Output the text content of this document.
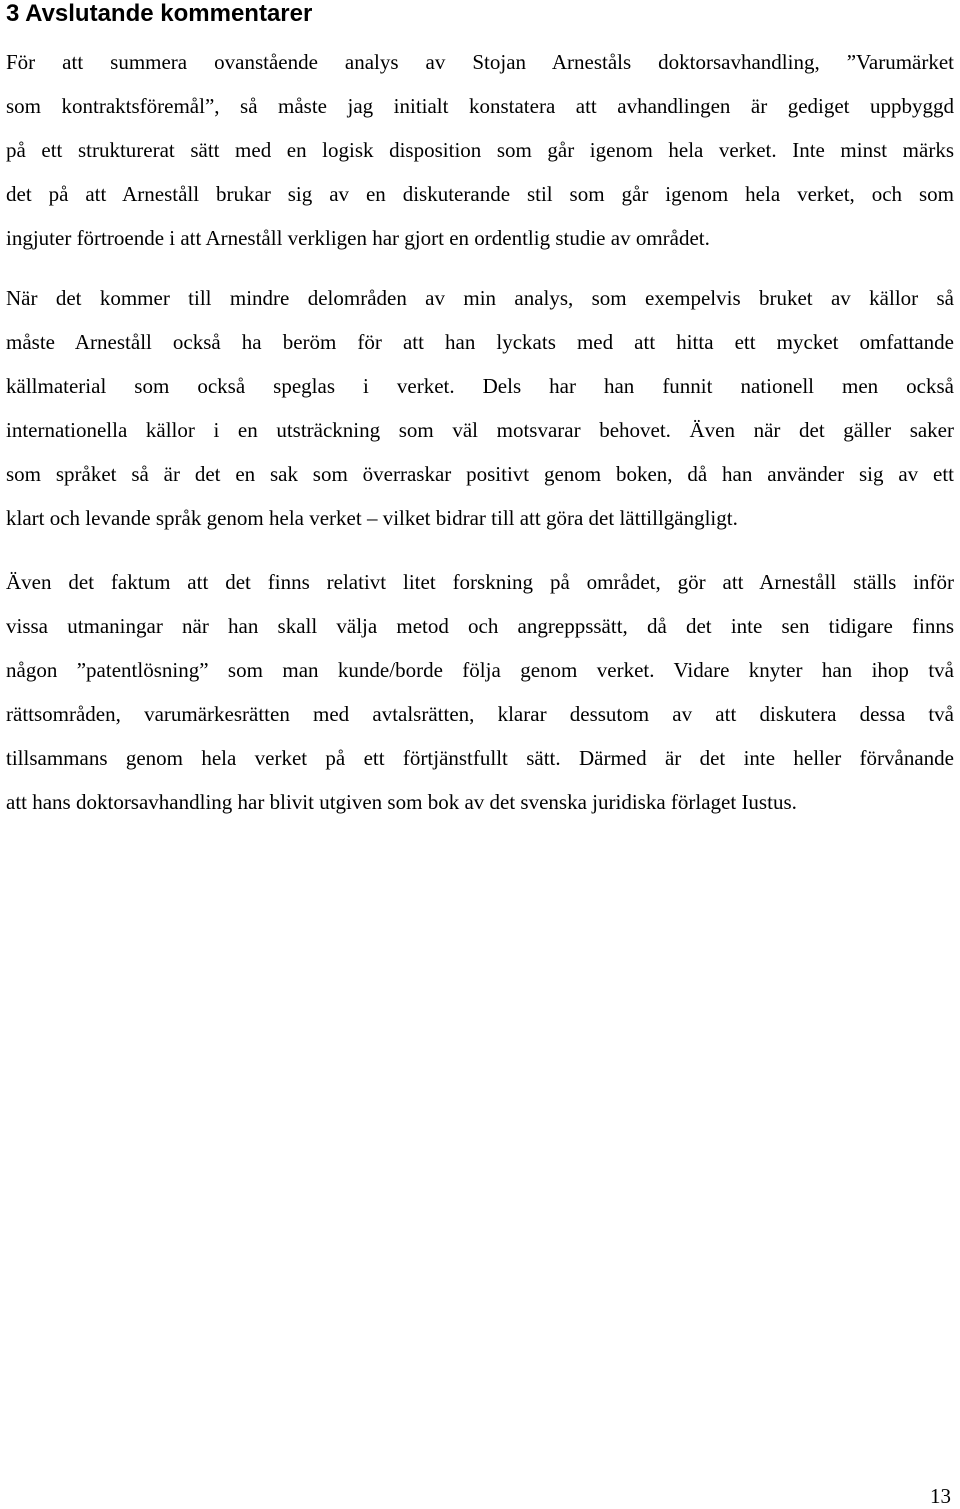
3 Avslutande kommentarer
För att summera ovanstående analys av Stojan Arneståls doktorsavhandling, ”Varumärket
som kontraktsföremål”, så måste jag initialt konstatera att avhandlingen är gediget uppbyggd
på ett strukturerat sätt med en logisk disposition som går igenom hela verket. Inte minst märks
det på att Arneståll brukar sig av en diskuterande stil som går igenom hela verket, och som
ingjuter förtroende i att Arneståll verkligen har gjort en ordentlig studie av området.
När det kommer till mindre delområden av min analys, som exempelvis bruket av källor så
måste Arneståll också ha beröm för att han lyckats med att hitta ett mycket omfattande
källmaterial som också speglas i verket. Dels har han funnit nationell men också
internationella källor i en utsträckning som väl motsvarar behovet. Även när det gäller saker
som språket så är det en sak som överraskar positivt genom boken, då han använder sig av ett
klart och levande språk genom hela verket – vilket bidrar till att göra det lättillgängligt.
Även det faktum att det finns relativt litet forskning på området, gör att Arneståll ställs inför
vissa utmaningar när han skall välja metod och angreppssätt, då det inte sen tidigare finns
någon ”patentlösning” som man kunde/borde följa genom verket. Vidare knyter han ihop två
rättsområden, varumärkesrätten med avtalsrätten, klarar dessutom av att diskutera dessa två
tillsammans genom hela verket på ett förtjänstfullt sätt. Därmed är det inte heller förvånande
att hans doktorsavhandling har blivit utgiven som bok av det svenska juridiska förlaget Iustus.
13
